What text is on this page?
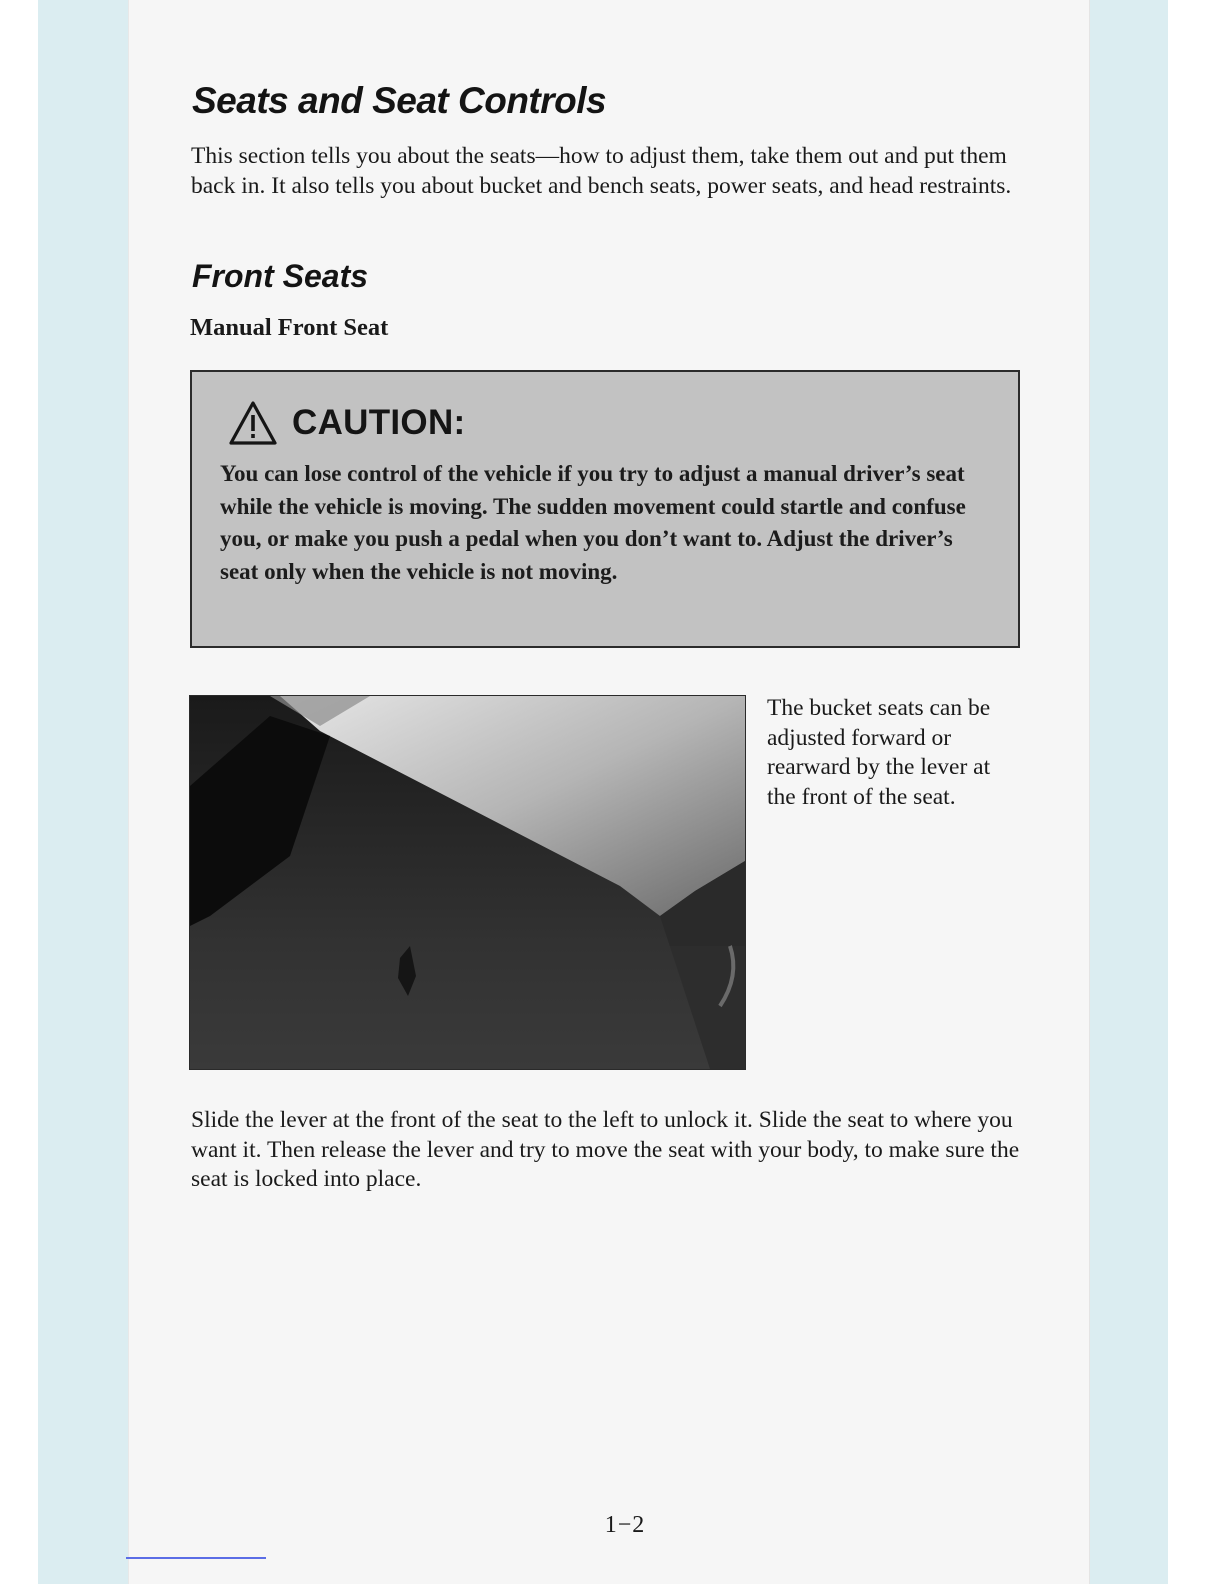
Seats and Seat Controls

This section tells you about the seats—how to adjust them, take them out and put them back in. It also tells you about bucket and bench seats, power seats, and head restraints.

Front Seats
Manual Front Seat
CAUTION:

You can lose control of the vehicle if you try to adjust a manual driver’s seat while the vehicle is moving. The sudden movement could startle and confuse you, or make you push a pedal when you don’t want to. Adjust the driver’s seat only when the vehicle is not moving.

The bucket seats can be adjusted forward or rearward by the lever at the front of the seat.

Slide the lever at the front of the seat to the left to unlock it. Slide the seat to where you want it. Then release the lever and try to move the seat with your body, to make sure the seat is locked into place.

1−2
